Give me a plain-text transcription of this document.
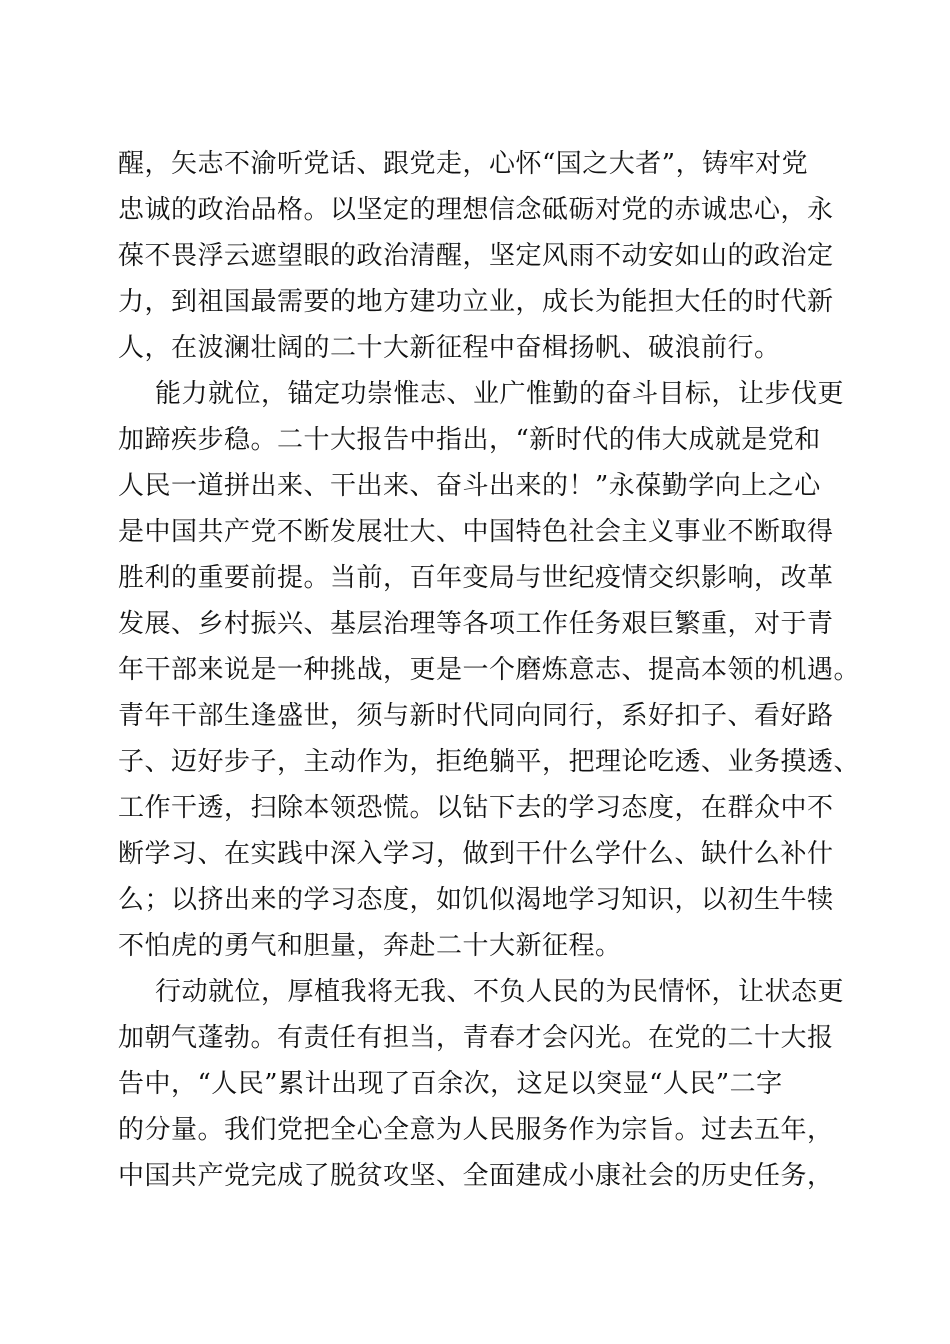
醒，矢志不渝听党话、跟党走，心怀“国之大者”，铸牢对党
忠诚的政治品格。以坚定的理想信念砥砺对党的赤诚忠心，永
葆不畏浮云遮望眼的政治清醒，坚定风雨不动安如山的政治定
力，到祖国最需要的地方建功立业，成长为能担大任的时代新
人，在波澜壮阔的二十大新征程中奋楫扬帆、破浪前行。
能力就位，锚定功崇惟志、业广惟勤的奋斗目标，让步伐更
加蹄疾步稳。二十大报告中指出，“新时代的伟大成就是党和
人民一道拼出来、干出来、奋斗出来的！”永葆勤学向上之心
是中国共产党不断发展壮大、中国特色社会主义事业不断取得
胜利的重要前提。当前，百年变局与世纪疫情交织影响，改革
发展、乡村振兴、基层治理等各项工作任务艰巨繁重，对于青
年干部来说是一种挑战，更是一个磨炼意志、提高本领的机遇。
青年干部生逢盛世，须与新时代同向同行，系好扣子、看好路
子、迈好步子，主动作为，拒绝躺平，把理论吃透、业务摸透、
工作干透，扫除本领恐慌。以钻下去的学习态度，在群众中不
断学习、在实践中深入学习，做到干什么学什么、缺什么补什
么；以挤出来的学习态度，如饥似渴地学习知识，以初生牛犊
不怕虎的勇气和胆量，奔赴二十大新征程。
行动就位，厚植我将无我、不负人民的为民情怀，让状态更
加朝气蓬勃。有责任有担当，青春才会闪光。在党的二十大报
告中，“人民”累计出现了百余次，这足以突显“人民”二字
的分量。我们党把全心全意为人民服务作为宗旨。过去五年，
中国共产党完成了脱贫攻坚、全面建成小康社会的历史任务，
